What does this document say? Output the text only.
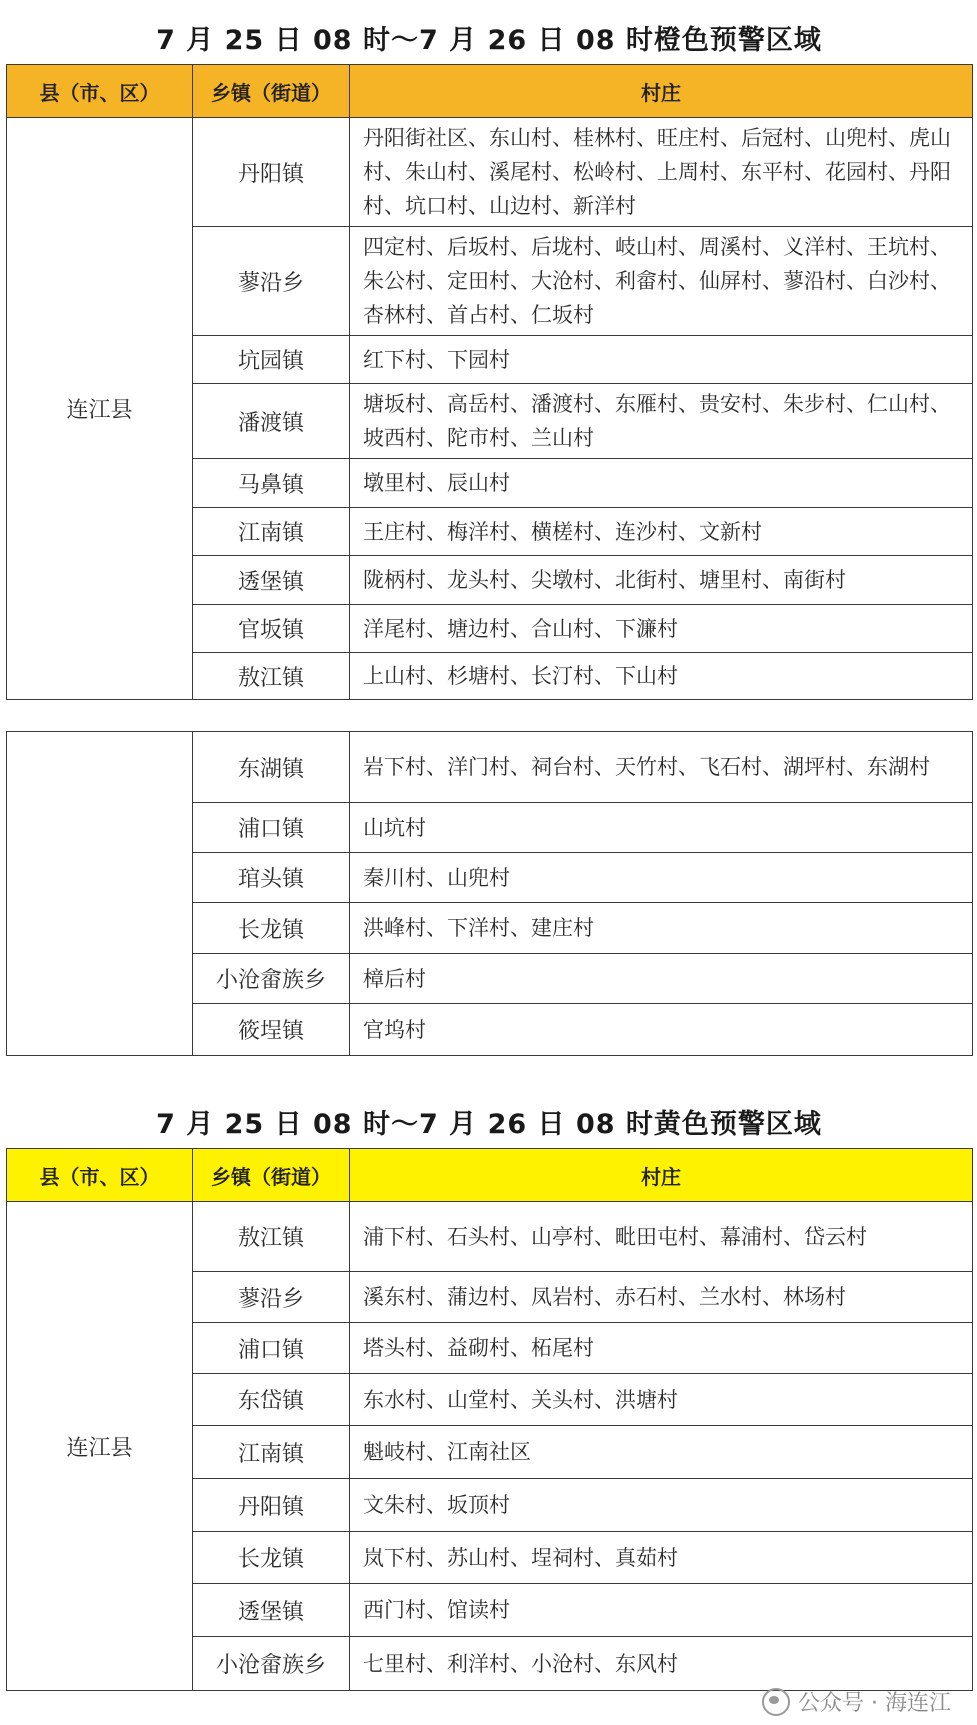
7 月 25 日 08 时～7 月 26 日 08 时橙色预警区域
县（市、区）	乡镇（街道）	村庄
连江县	丹阳镇	丹阳街社区、东山村、桂林村、旺庄村、后冠村、山兜村、虎山村、朱山村、溪尾村、松岭村、上周村、东平村、花园村、丹阳村、坑口村、山边村、新洋村
	蓼沿乡	四定村、后坂村、后垅村、岐山村、周溪村、义洋村、王坑村、朱公村、定田村、大沧村、利畲村、仙屏村、蓼沿村、白沙村、杏林村、首占村、仁坂村
	坑园镇	红下村、下园村
	潘渡镇	塘坂村、高岳村、潘渡村、东雁村、贵安村、朱步村、仁山村、坡西村、陀市村、兰山村
	马鼻镇	墩里村、辰山村
	江南镇	王庄村、梅洋村、横槎村、连沙村、文新村
	透堡镇	陇柄村、龙头村、尖墩村、北街村、塘里村、南街村
	官坂镇	洋尾村、塘边村、合山村、下濂村
	敖江镇	上山村、杉塘村、长汀村、下山村
	东湖镇	岩下村、洋门村、祠台村、天竹村、飞石村、湖坪村、东湖村
	浦口镇	山坑村
	琯头镇	秦川村、山兜村
	长龙镇	洪峰村、下洋村、建庄村
	小沧畲族乡	樟后村
	筱埕镇	官坞村
7 月 25 日 08 时～7 月 26 日 08 时黄色预警区域
县（市、区）	乡镇（街道）	村庄
连江县	敖江镇	浦下村、石头村、山亭村、毗田屯村、幕浦村、岱云村
	蓼沿乡	溪东村、蒲边村、凤岩村、赤石村、兰水村、林场村
	浦口镇	塔头村、益砌村、柘尾村
	东岱镇	东水村、山堂村、关头村、洪塘村
	江南镇	魁岐村、江南社区
	丹阳镇	文朱村、坂顶村
	长龙镇	岚下村、苏山村、埕祠村、真茹村
	透堡镇	西门村、馆读村
	小沧畲族乡	七里村、利洋村、小沧村、东风村
公众号 · 海连江
